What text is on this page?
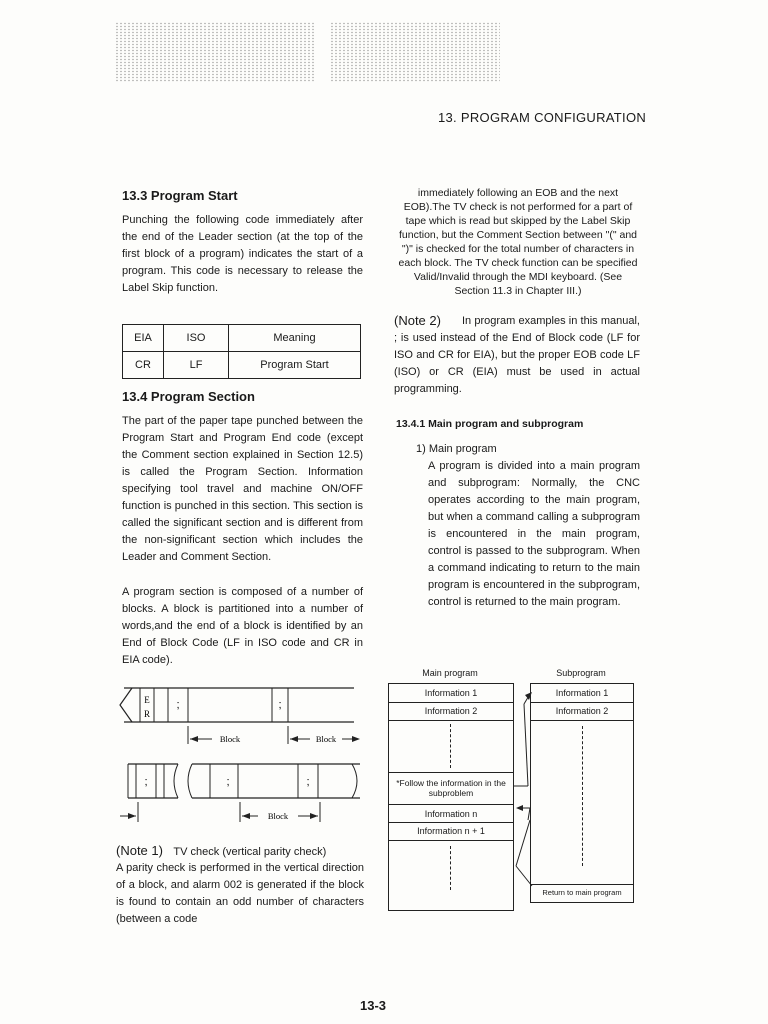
13. PROGRAM CONFIGURATION
13.3 Program Start
Punching the following code immediately after the end of the Leader section (at the top of the first block of a program) indicates the start of a program. This code is necessary to release the Label Skip function.
EIA	ISO	Meaning
CR	LF	Program Start
13.4 Program Section
The part of the paper tape punched between the Program Start and Program End code (except the Comment section explained in Section 12.5) is called the Program Section. Information specifying tool travel and machine ON/OFF function is punched in this section. This section is called the significant section and is different from the non-significant section which includes the Leader and Comment Section.
A program section is composed of a number of blocks. A block is partitioned into a number of words,and the end of a block is identified by an End of Block Code (LF in ISO code and CR in EIA code).
E
R
;	;
Block	Block
;	;	;
Block
(Note 1) TV check (vertical parity check)
A parity check is performed in the vertical direction of a block, and alarm 002 is generated if the block is found to contain an odd number of characters (between a code
immediately following an EOB and the next EOB).The TV check is not performed for a part of tape which is read but skipped by the Label Skip function, but the Comment Section between "(" and ")" is checked for the total number of characters in each block. The TV check function can be specified Valid/Invalid through the MDI keyboard. (See Section 11.3 in Chapter III.)
(Note 2)	In program examples in this manual, ; is used instead of the End of Block code (LF for ISO and CR for EIA), but the proper EOB code LF (ISO) or CR (EIA) must be used in actual programming.
13.4.1 Main program and subprogram
1) Main program
A program is divided into a main program and subprogram: Normally, the CNC operates according to the main program, but when a command calling a subprogram is encountered in the main program, control is passed to the subprogram. When a command indicating to return to the main program is encountered in the subprogram, control is returned to the main program.
Main program	Subprogram
Information 1
Information 2
*Follow the information in the subproblem
Information n
Information n + 1
Information 1
Information 2
Return to main program
13-3
